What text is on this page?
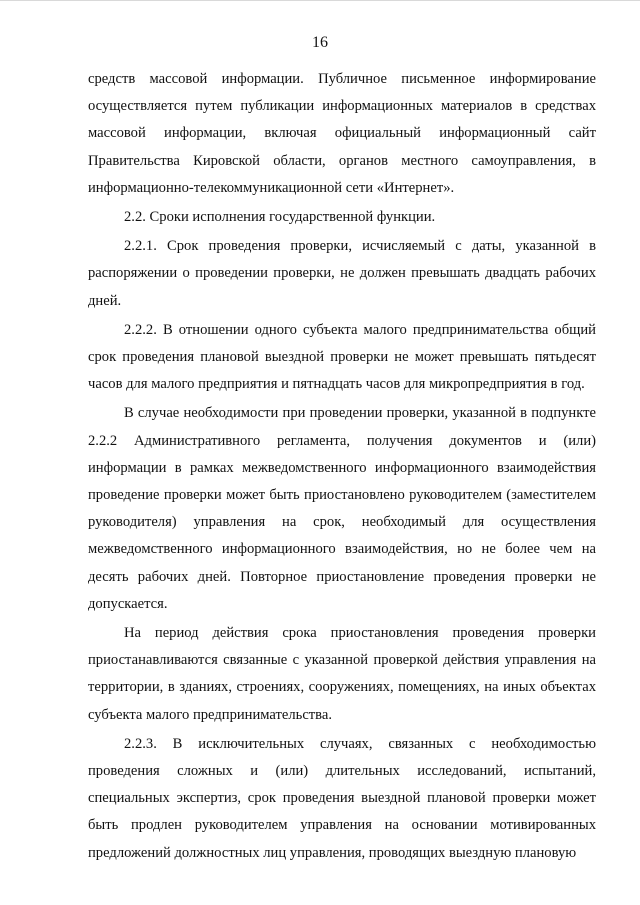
16

средств массовой информации. Публичное письменное информирование осуществляется путем публикации информационных материалов в средствах массовой информации, включая официальный информационный сайт Правительства Кировской области, органов местного самоуправления, в информационно-телекоммуникационной сети «Интернет».

2.2. Сроки исполнения государственной функции.

2.2.1. Срок проведения проверки, исчисляемый с даты, указанной в распоряжении о проведении проверки, не должен превышать двадцать рабочих дней.

2.2.2. В отношении одного субъекта малого предпринимательства общий срок проведения плановой выездной проверки не может превышать пятьдесят часов для малого предприятия и пятнадцать часов для микропредприятия в год.

В случае необходимости при проведении проверки, указанной в подпункте 2.2.2 Административного регламента, получения документов и (или) информации в рамках межведомственного информационного взаимодействия проведение проверки может быть приостановлено руководителем (заместителем руководителя) управления на срок, необходимый для осуществления межведомственного информационного взаимодействия, но не более чем на десять рабочих дней. Повторное приостановление проведения проверки не допускается.

На период действия срока приостановления проведения проверки приостанавливаются связанные с указанной проверкой действия управления на территории, в зданиях, строениях, сооружениях, помещениях, на иных объектах субъекта малого предпринимательства.

2.2.3. В исключительных случаях, связанных с необходимостью проведения сложных и (или) длительных исследований, испытаний, специальных экспертиз, срок проведения выездной плановой проверки может быть продлен руководителем управления на основании мотивированных предложений должностных лиц управления, проводящих выездную плановую
